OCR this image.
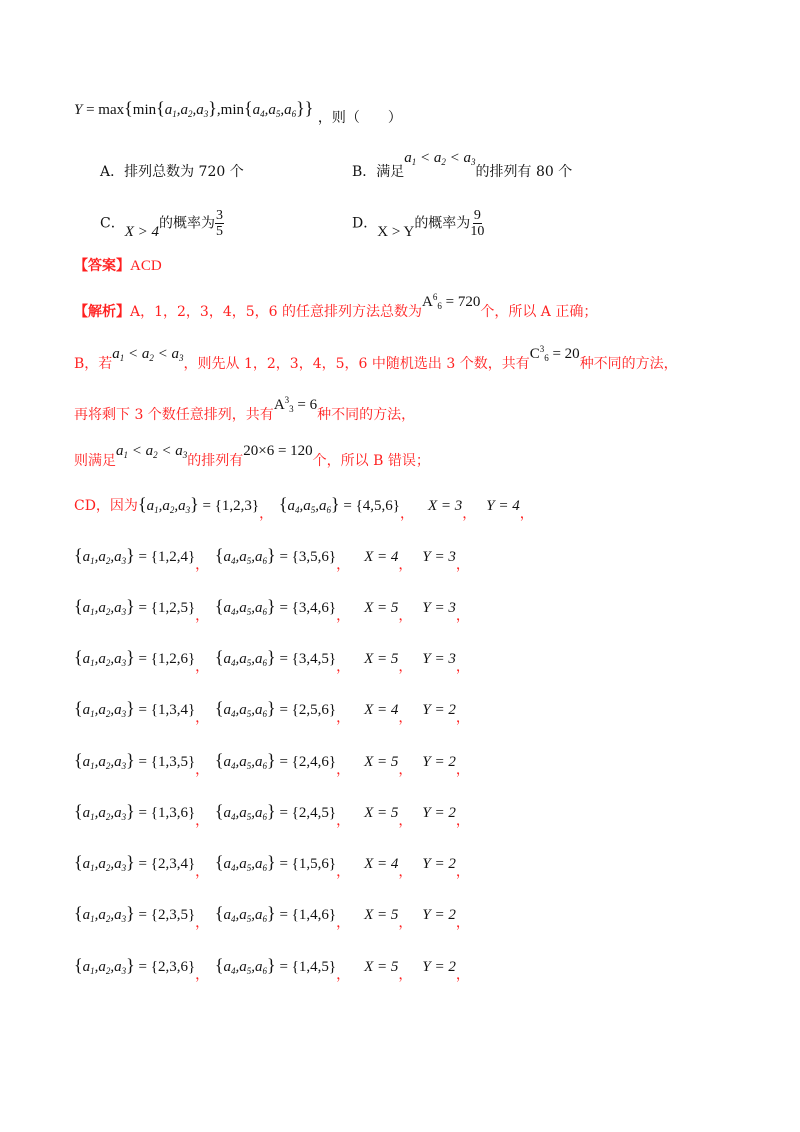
$Y = \max\{\min\{a_1,a_2,a_3\},\min\{a_4,a_5,a_6\}\}$ ，则（　　）
A．排列总数为 720 个	B．满足$a_1 < a_2 < a_3$的排列有 80 个
C．X > 4的概率为 $\frac{3}{5}$	D．X > Y的概率为 $\frac{9}{10}$
【答案】ACD
【解析】A，1，2，3，4，5，6 的任意排列方法总数为$A^6_6 = 720$个，所以 A 正确；
B，若$a_1 < a_2 < a_3$，则先从 1，2，3，4，5，6 中随机选出 3 个数，共有$C^3_6 = 20$种不同的方法，
再将剩下 3 个数任意排列，共有$A^3_3 = 6$种不同的方法，
则满足$a_1 < a_2 < a_3$的排列有20×6 = 120个，所以 B 错误；
CD，因为$\{a_1,a_2,a_3\} = \{1,2,3\}$， $\{a_4,a_5,a_6\} = \{4,5,6\}$， X = 3， Y = 4，
$\{a_1,a_2,a_3\} = \{1,2,4\}$， $\{a_4,a_5,a_6\} = \{3,5,6\}$， X = 4， Y = 3，
$\{a_1,a_2,a_3\} = \{1,2,5\}$， $\{a_4,a_5,a_6\} = \{3,4,6\}$， X = 5， Y = 3，
$\{a_1,a_2,a_3\} = \{1,2,6\}$， $\{a_4,a_5,a_6\} = \{3,4,5\}$， X = 5， Y = 3，
$\{a_1,a_2,a_3\} = \{1,3,4\}$， $\{a_4,a_5,a_6\} = \{2,5,6\}$， X = 4， Y = 2，
$\{a_1,a_2,a_3\} = \{1,3,5\}$， $\{a_4,a_5,a_6\} = \{2,4,6\}$， X = 5， Y = 2，
$\{a_1,a_2,a_3\} = \{1,3,6\}$， $\{a_4,a_5,a_6\} = \{2,4,5\}$， X = 5， Y = 2，
$\{a_1,a_2,a_3\} = \{2,3,4\}$， $\{a_4,a_5,a_6\} = \{1,5,6\}$， X = 4， Y = 2，
$\{a_1,a_2,a_3\} = \{2,3,5\}$， $\{a_4,a_5,a_6\} = \{1,4,6\}$， X = 5， Y = 2，
$\{a_1,a_2,a_3\} = \{2,3,6\}$， $\{a_4,a_5,a_6\} = \{1,4,5\}$， X = 5， Y = 2，
